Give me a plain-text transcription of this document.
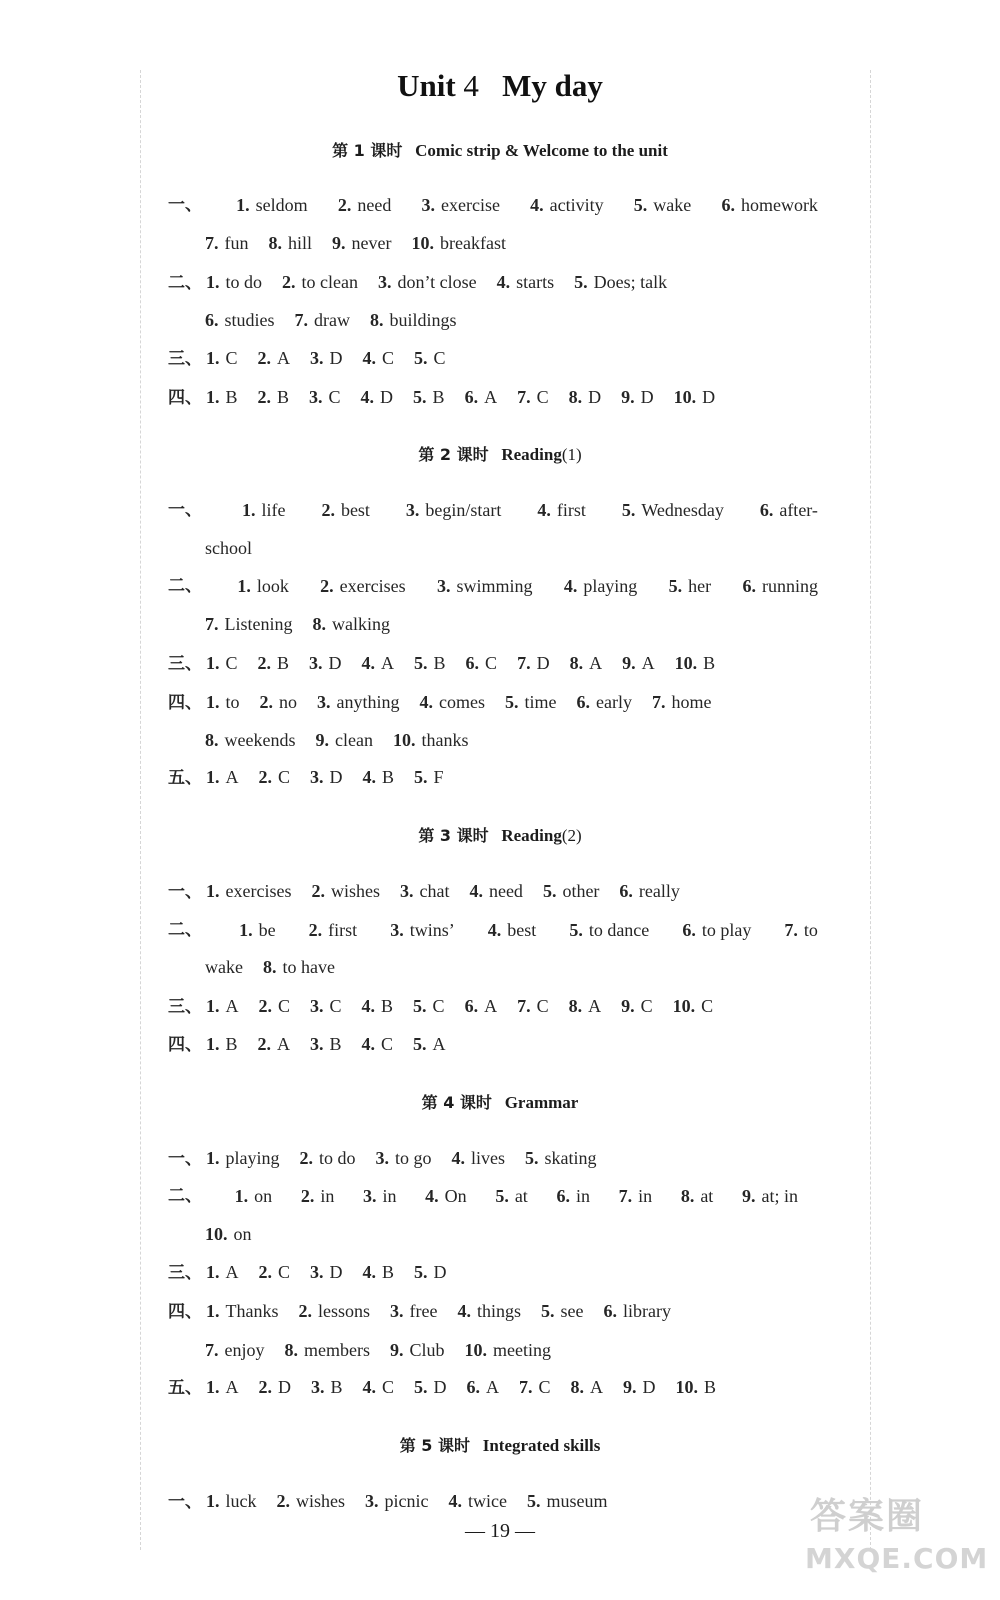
Unit 4 My day
第 1 课时 Comic strip & Welcome to the unit
第 2 课时 Reading(1)
第 3 课时 Reading(2)
第 4 课时 Grammar
第 5 课时 Integrated skills
一、 1. seldom 2. need 3. exercise 4. activity 5. wake 6. homework
7. fun 8. hill 9. never 10. breakfast
二、 1. to do 2. to clean 3. don’t close 4. starts 5. Does; talk
6. studies 7. draw 8. buildings
三、 1. C 2. A 3. D 4. C 5. C
四、 1. B 2. B 3. C 4. D 5. B 6. A 7. C 8. D 9. D 10. D
一、 1. life 2. best 3. begin/start 4. first 5. Wednesday 6. after-
school
二、 1. look 2. exercises 3. swimming 4. playing 5. her 6. running
7. Listening 8. walking
三、 1. C 2. B 3. D 4. A 5. B 6. C 7. D 8. A 9. A 10. B
四、 1. to 2. no 3. anything 4. comes 5. time 6. early 7. home
8. weekends 9. clean 10. thanks
五、 1. A 2. C 3. D 4. B 5. F
一、 1. exercises 2. wishes 3. chat 4. need 5. other 6. really
二、 1. be 2. first 3. twins’ 4. best 5. to dance 6. to play 7. to
wake 8. to have
三、 1. A 2. C 3. C 4. B 5. C 6. A 7. C 8. A 9. C 10. C
四、 1. B 2. A 3. B 4. C 5. A
一、 1. playing 2. to do 3. to go 4. lives 5. skating
二、 1. on 2. in 3. in 4. On 5. at 6. in 7. in 8. at 9. at; in
10. on
三、 1. A 2. C 3. D 4. B 5. D
四、 1. Thanks 2. lessons 3. free 4. things 5. see 6. library
7. enjoy 8. members 9. Club 10. meeting
五、 1. A 2. D 3. B 4. C 5. D 6. A 7. C 8. A 9. D 10. B
一、 1. luck 2. wishes 3. picnic 4. twice 5. museum
— 19 —	答案圈
MXQE.COM
